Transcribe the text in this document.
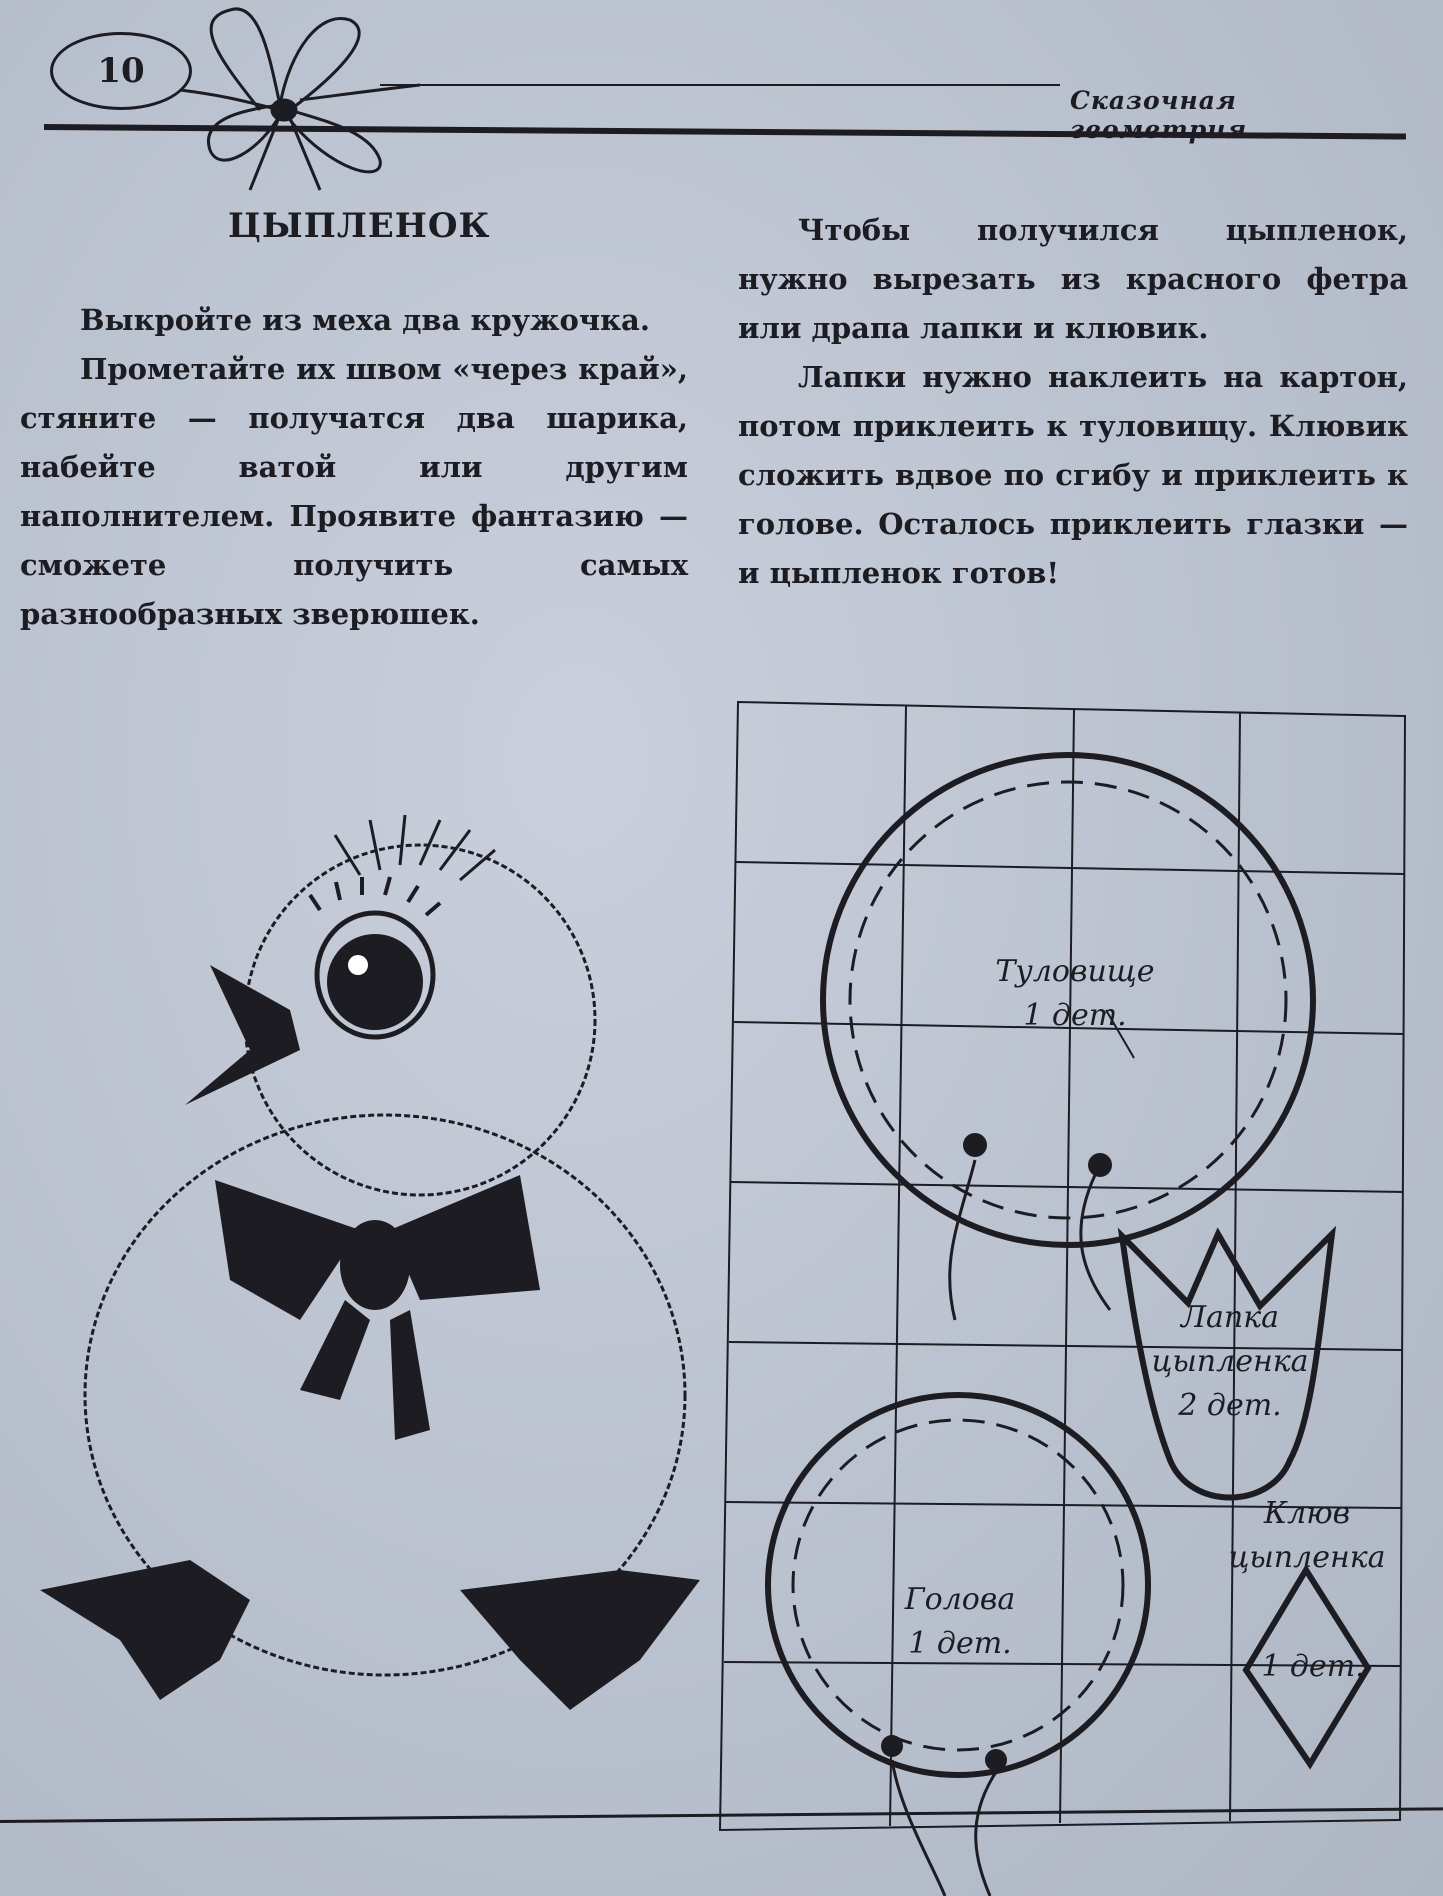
10
Сказочная геометрия
ЦЫПЛЕНОК

Выкройте из меха два кружочка.

Прометайте их швом «через край», стяните — получатся два шарика, набейте ватой или другим наполнителем. Проявите фантазию — сможете получить самых разнообразных зверюшек.

Чтобы получился цыпленок, нужно вырезать из красного фетра или драпа лапки и клювик.

Лапки нужно наклеить на картон, потом приклеить к туловищу. Клювик сложить вдвое по сгибу и приклеить к голове. Осталось приклеить глазки — и цыпленок готов!

Туловище
1 дет.
Лапка
цыпленка
2 дет.
Клюв
цыпленка
1 дет.
Голова
1 дет.
